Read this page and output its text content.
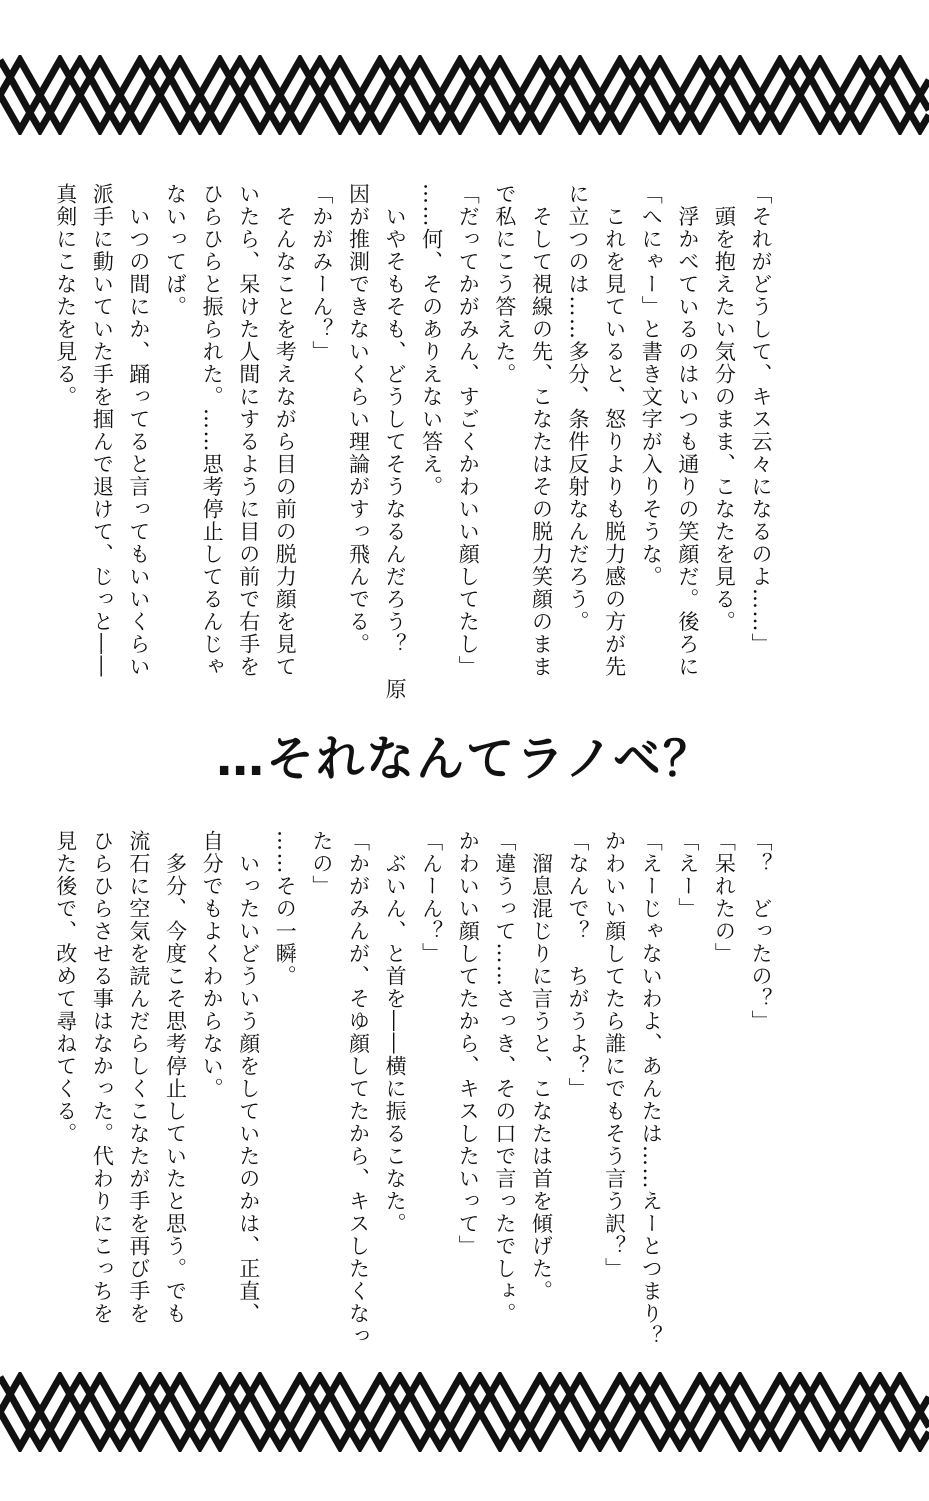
「それがどうして、キス云々になるのよ……」
　頭を抱えたい気分のまま、こなたを見る。
　浮かべているのはいつも通りの笑顔だ。後ろに
「へにゃー」と書き文字が入りそうな。
　これを見ていると、怒りよりも脱力感の方が先
に立つのは……多分、条件反射なんだろう。
　そして視線の先、こなたはその脱力笑顔のまま
で私にこう答えた。
「だってかがみん、すごくかわいい顔してたし」
……何、そのありえない答え。
　いやそもそも、どうしてそうなるんだろう？　原
因が推測できないくらい理論がすっ飛んでる。
「かがみーん？」
　そんなことを考えながら目の前の脱力顔を見て
いたら、呆けた人間にするように目の前で右手を
ひらひらと振られた。……思考停止してるんじゃ
ないってば。
　いつの間にか、踊ってると言ってもいいくらい
派手に動いていた手を掴んで退けて、じっと――
真剣にこなたを見る。
…それなんてラノベ？
「？　どったの？」
「呆れたの」
「えー」
「えーじゃないわよ、あんたは……えーとつまり？
かわいい顔してたら誰にでもそう言う訳？」
「なんで？　ちがうよ？」
　溜息混じりに言うと、こなたは首を傾げた。
「違うって……さっき、その口で言ったでしょ。
かわいい顔してたから、キスしたいって」
「んーん？」
　ぶいん、と首を――横に振るこなた。
「かがみんが、そゆ顔してたから、キスしたくなっ
たの」
……その一瞬。
　いったいどういう顔をしていたのかは、正直、
自分でもよくわからない。
　多分、今度こそ思考停止していたと思う。でも
流石に空気を読んだらしくこなたが手を再び手を
ひらひらさせる事はなかった。代わりにこっちを
見た後で、改めて尋ねてくる。
